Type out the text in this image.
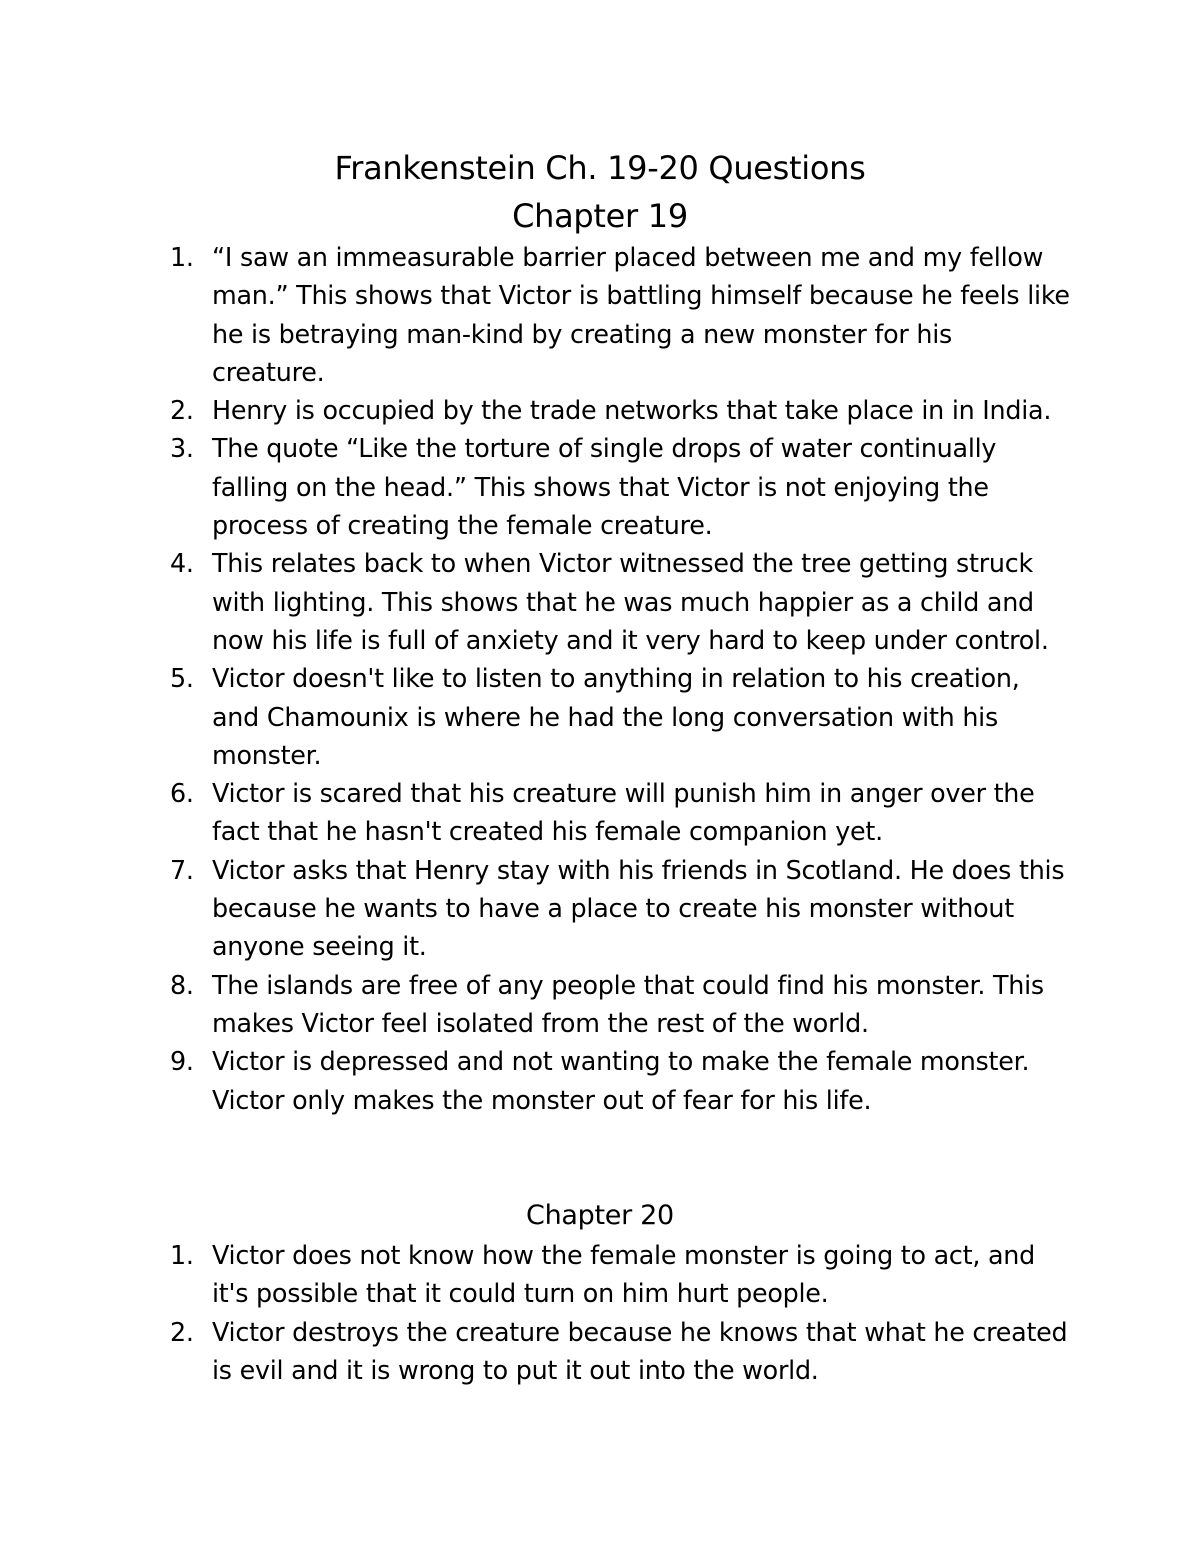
Frankenstein Ch. 19-20 Questions
Chapter 19
1. “I saw an immeasurable barrier placed between me and my fellow man.” This shows that Victor is battling himself because he feels like he is betraying man-kind by creating a new monster for his creature.
2. Henry is occupied by the trade networks that take place in in India.
3. The quote “Like the torture of single drops of water continually falling on the head.” This shows that Victor is not enjoying the process of creating the female creature.
4. This relates back to when Victor witnessed the tree getting struck with lighting. This shows that he was much happier as a child and now his life is full of anxiety and it very hard to keep under control.
5. Victor doesn't like to listen to anything in relation to his creation, and Chamounix is where he had the long conversation with his monster.
6. Victor is scared that his creature will punish him in anger over the fact that he hasn't created his female companion yet.
7. Victor asks that Henry stay with his friends in Scotland. He does this because he wants to have a place to create his monster without anyone seeing it.
8. The islands are free of any people that could find his monster. This makes Victor feel isolated from the rest of the world.
9. Victor is depressed and not wanting to make the female monster. Victor only makes the monster out of fear for his life.
Chapter 20
1. Victor does not know how the female monster is going to act, and it's possible that it could turn on him hurt people.
2. Victor destroys the creature because he knows that what he created is evil and it is wrong to put it out into the world.
